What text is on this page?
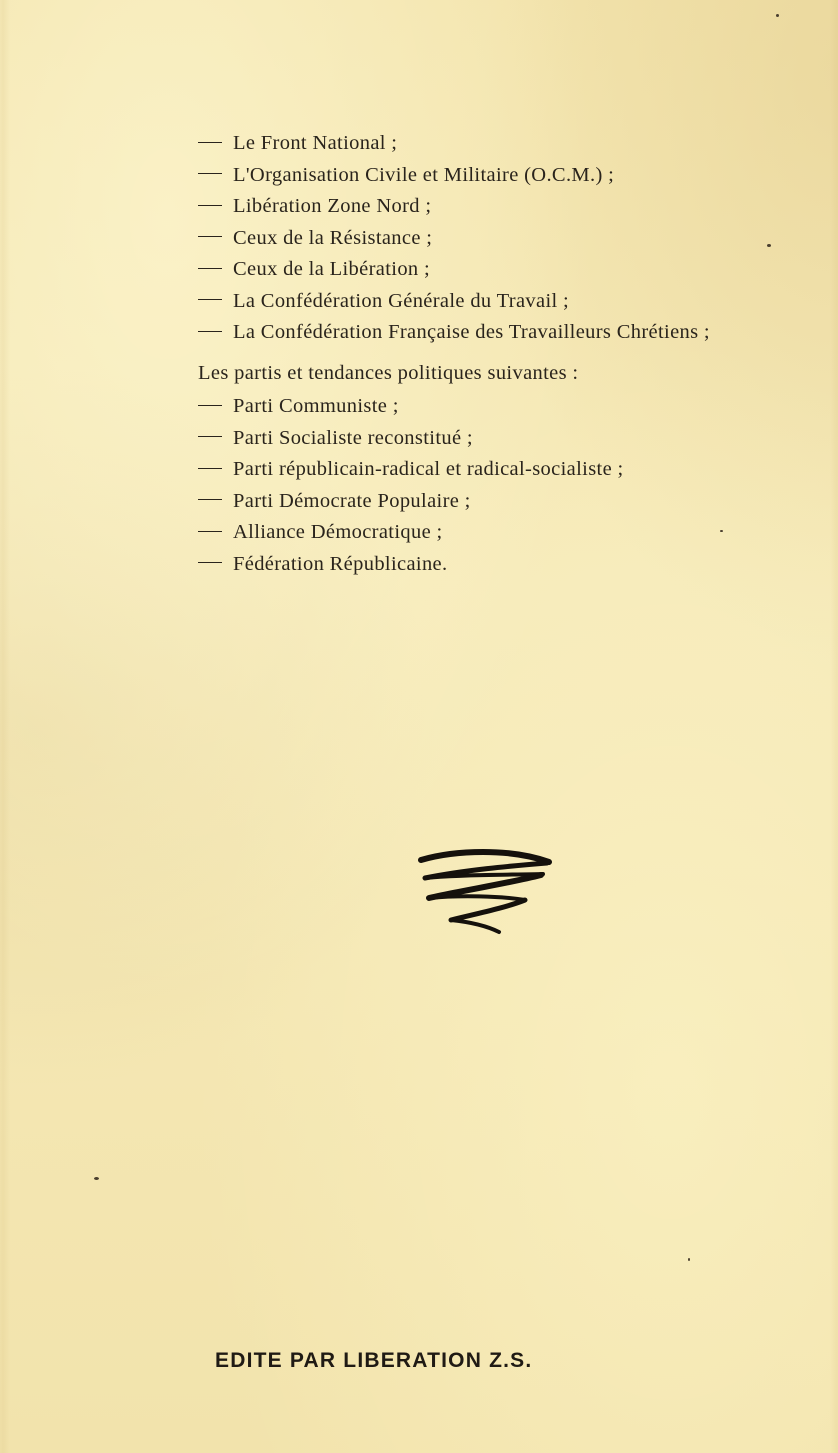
Le Front National ;
L'Organisation Civile et Militaire (O.C.M.) ;
Libération Zone Nord ;
Ceux de la Résistance ;
Ceux de la Libération ;
La Confédération Générale du Travail ;
La Confédération Française des Travailleurs Chrétiens ;
Les partis et tendances politiques suivantes :
Parti Communiste ;
Parti Socialiste reconstitué ;
Parti républicain-radical et radical-socialiste ;
Parti Démocrate Populaire ;
Alliance Démocratique ;
Fédération Républicaine.
EDITE PAR LIBERATION Z.S.
